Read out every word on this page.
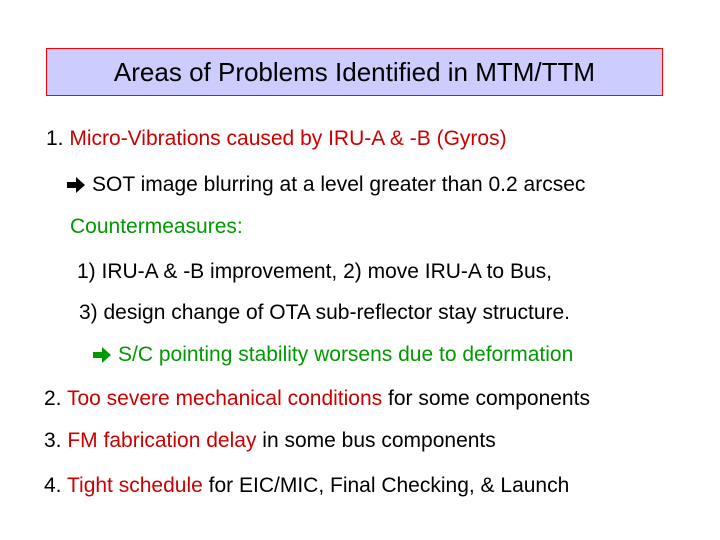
Areas of Problems Identified in MTM/TTM
1. Micro-Vibrations caused by IRU-A & -B (Gyros)
SOT image blurring at a level greater than 0.2 arcsec
Countermeasures:
1) IRU-A & -B improvement, 2) move IRU-A to Bus,
3) design change of OTA sub-reflector stay structure.
S/C pointing stability worsens due to deformation
2. Too severe mechanical conditions for some components
3. FM fabrication delay in some bus components
4. Tight schedule for EIC/MIC, Final Checking, & Launch
